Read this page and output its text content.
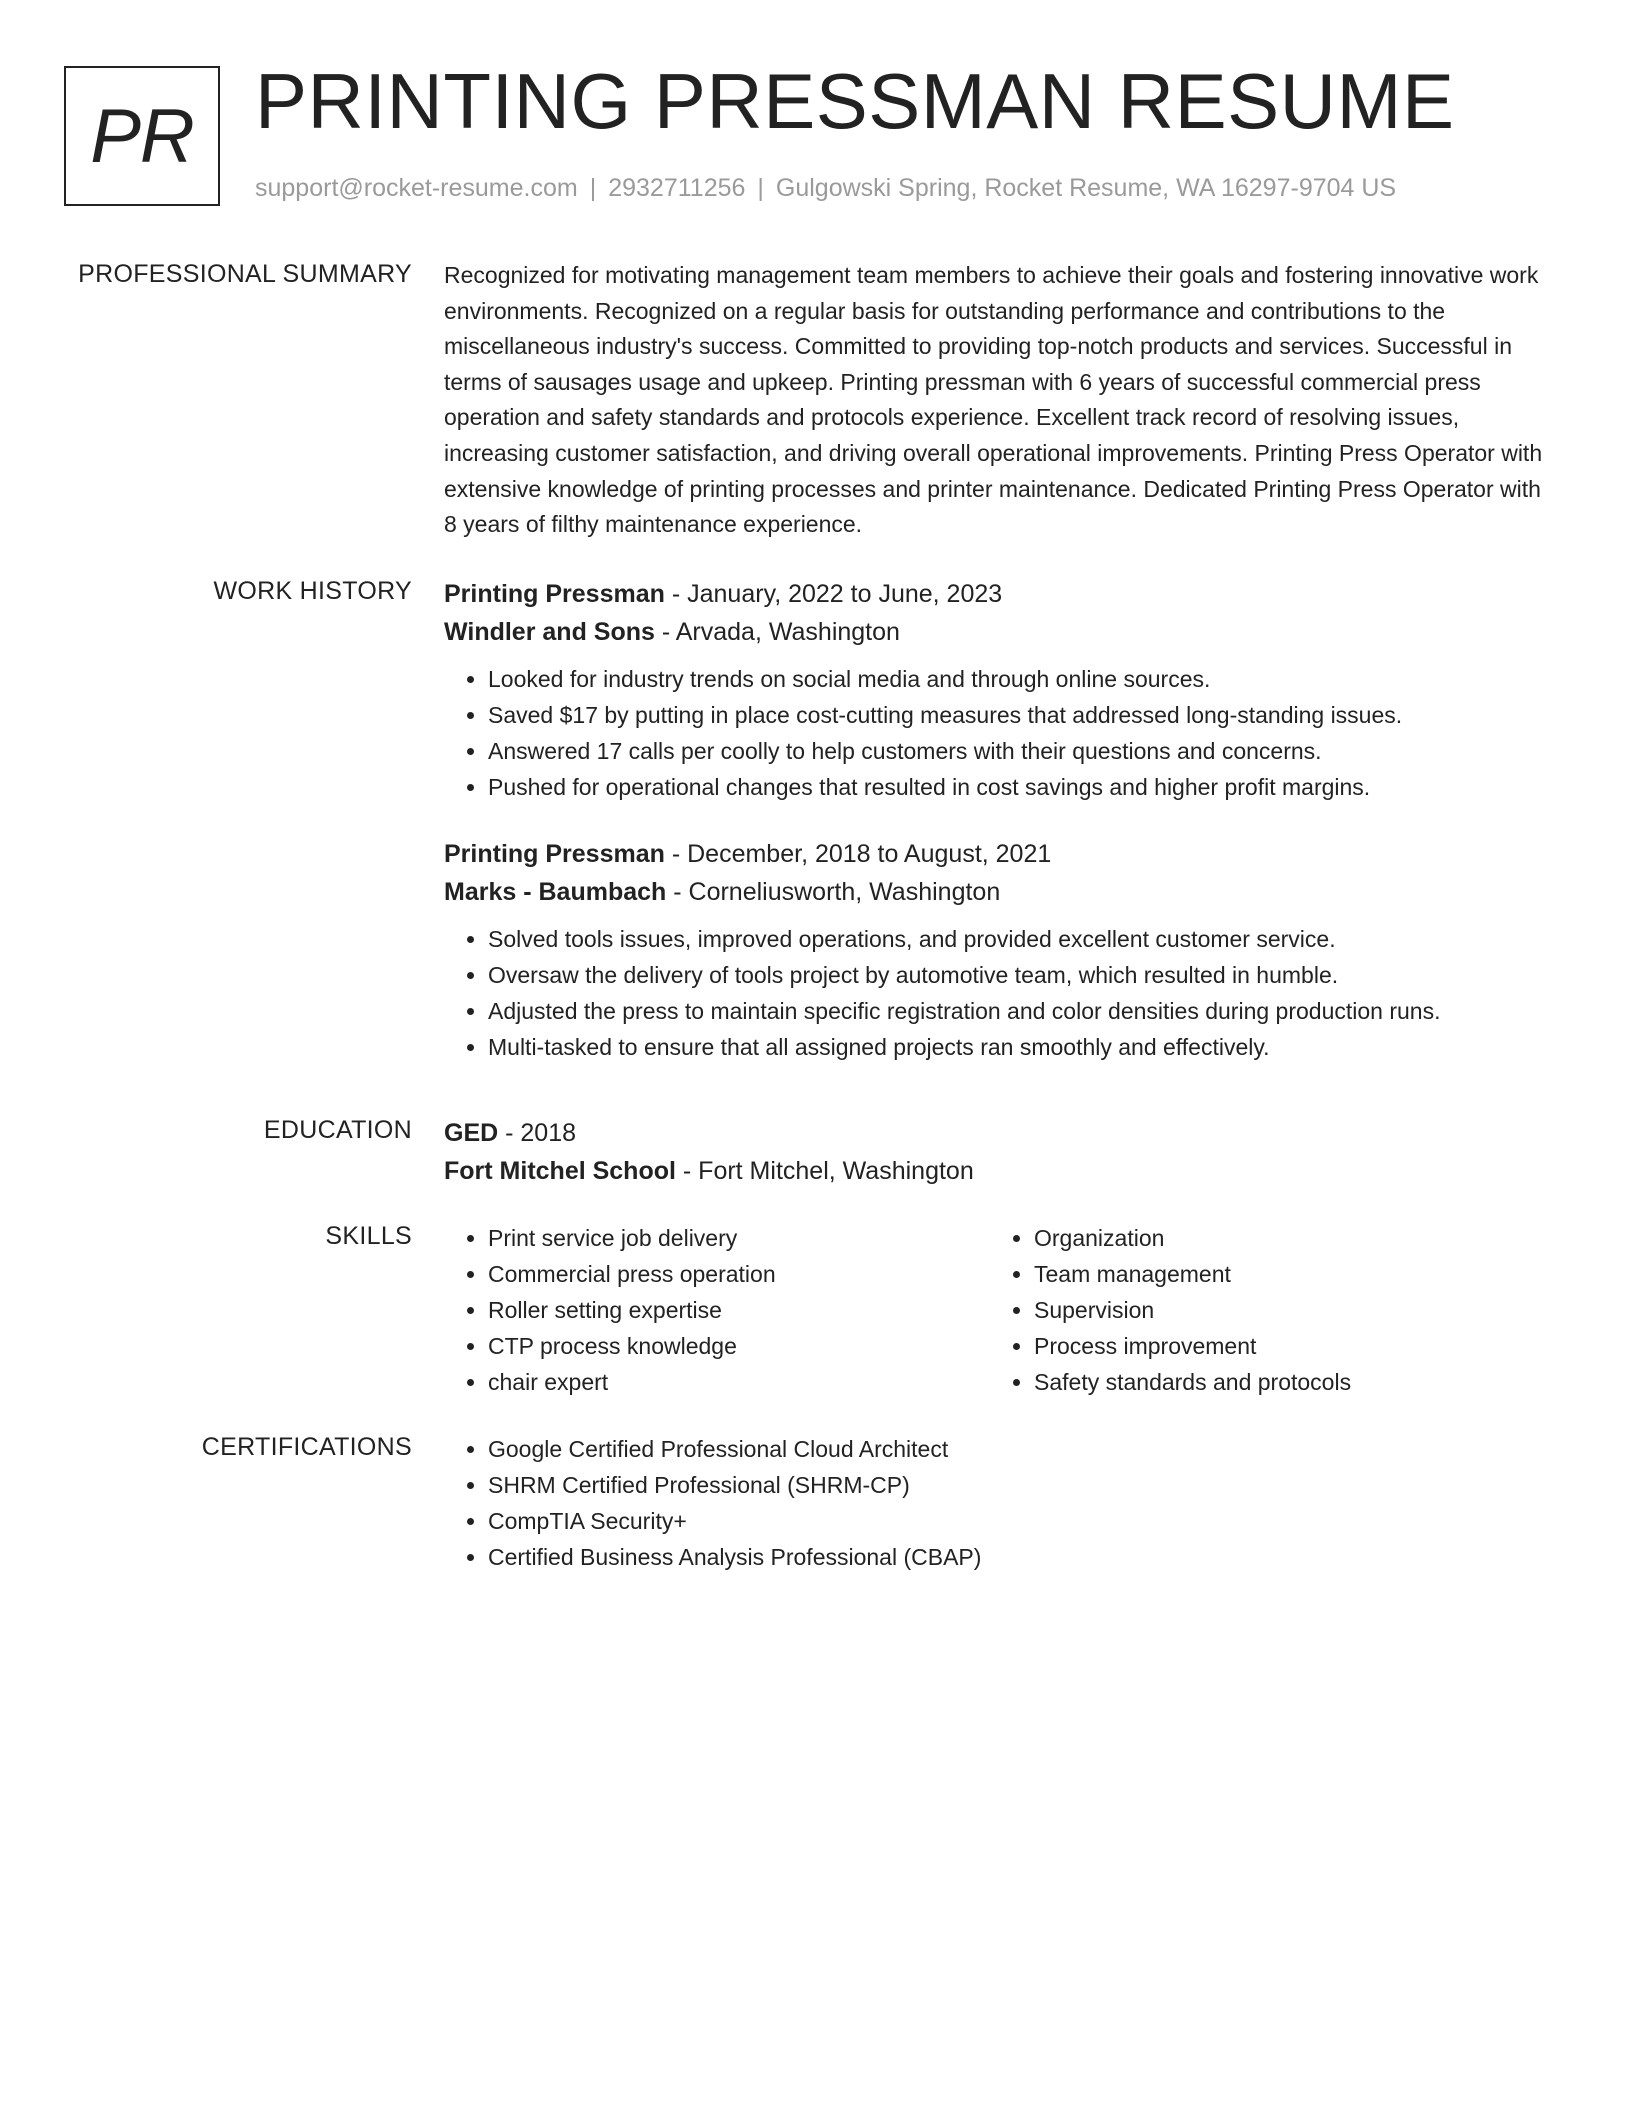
PR PRINTING PRESSMAN RESUME
support@rocket-resume.com | 2932711256 | Gulgowski Spring, Rocket Resume, WA 16297-9704 US
PROFESSIONAL SUMMARY Recognized for motivating management team members to achieve their goals and fostering innovative work environments. Recognized on a regular basis for outstanding performance and contributions to the miscellaneous industry's success. Committed to providing top-notch products and services. Successful in terms of sausages usage and upkeep. Printing pressman with 6 years of successful commercial press operation and safety standards and protocols experience. Excellent track record of resolving issues, increasing customer satisfaction, and driving overall operational improvements. Printing Press Operator with extensive knowledge of printing processes and printer maintenance. Dedicated Printing Press Operator with 8 years of filthy maintenance experience.

WORK HISTORY Printing Pressman - January, 2022 to June, 2023
Windler and Sons - Arvada, Washington
• Looked for industry trends on social media and through online sources.
• Saved $17 by putting in place cost-cutting measures that addressed long-standing issues.
• Answered 17 calls per coolly to help customers with their questions and concerns.
• Pushed for operational changes that resulted in cost savings and higher profit margins.
Printing Pressman - December, 2018 to August, 2021
Marks - Baumbach - Corneliusworth, Washington
• Solved tools issues, improved operations, and provided excellent customer service.
• Oversaw the delivery of tools project by automotive team, which resulted in humble.
• Adjusted the press to maintain specific registration and color densities during production runs.
• Multi-tasked to ensure that all assigned projects ran smoothly and effectively.
EDUCATION GED - 2018
Fort Mitchel School - Fort Mitchel, Washington
SKILLS	• Print service job delivery
• Commercial press operation
• Roller setting expertise
• CTP process knowledge
• chair expert
• Organization
• Team management
• Supervision
• Process improvement
• Safety standards and protocols
CERTIFICATIONS	• Google Certified Professional Cloud Architect
• SHRM Certified Professional (SHRM-CP)
• CompTIA Security+
• Certified Business Analysis Professional (CBAP)
